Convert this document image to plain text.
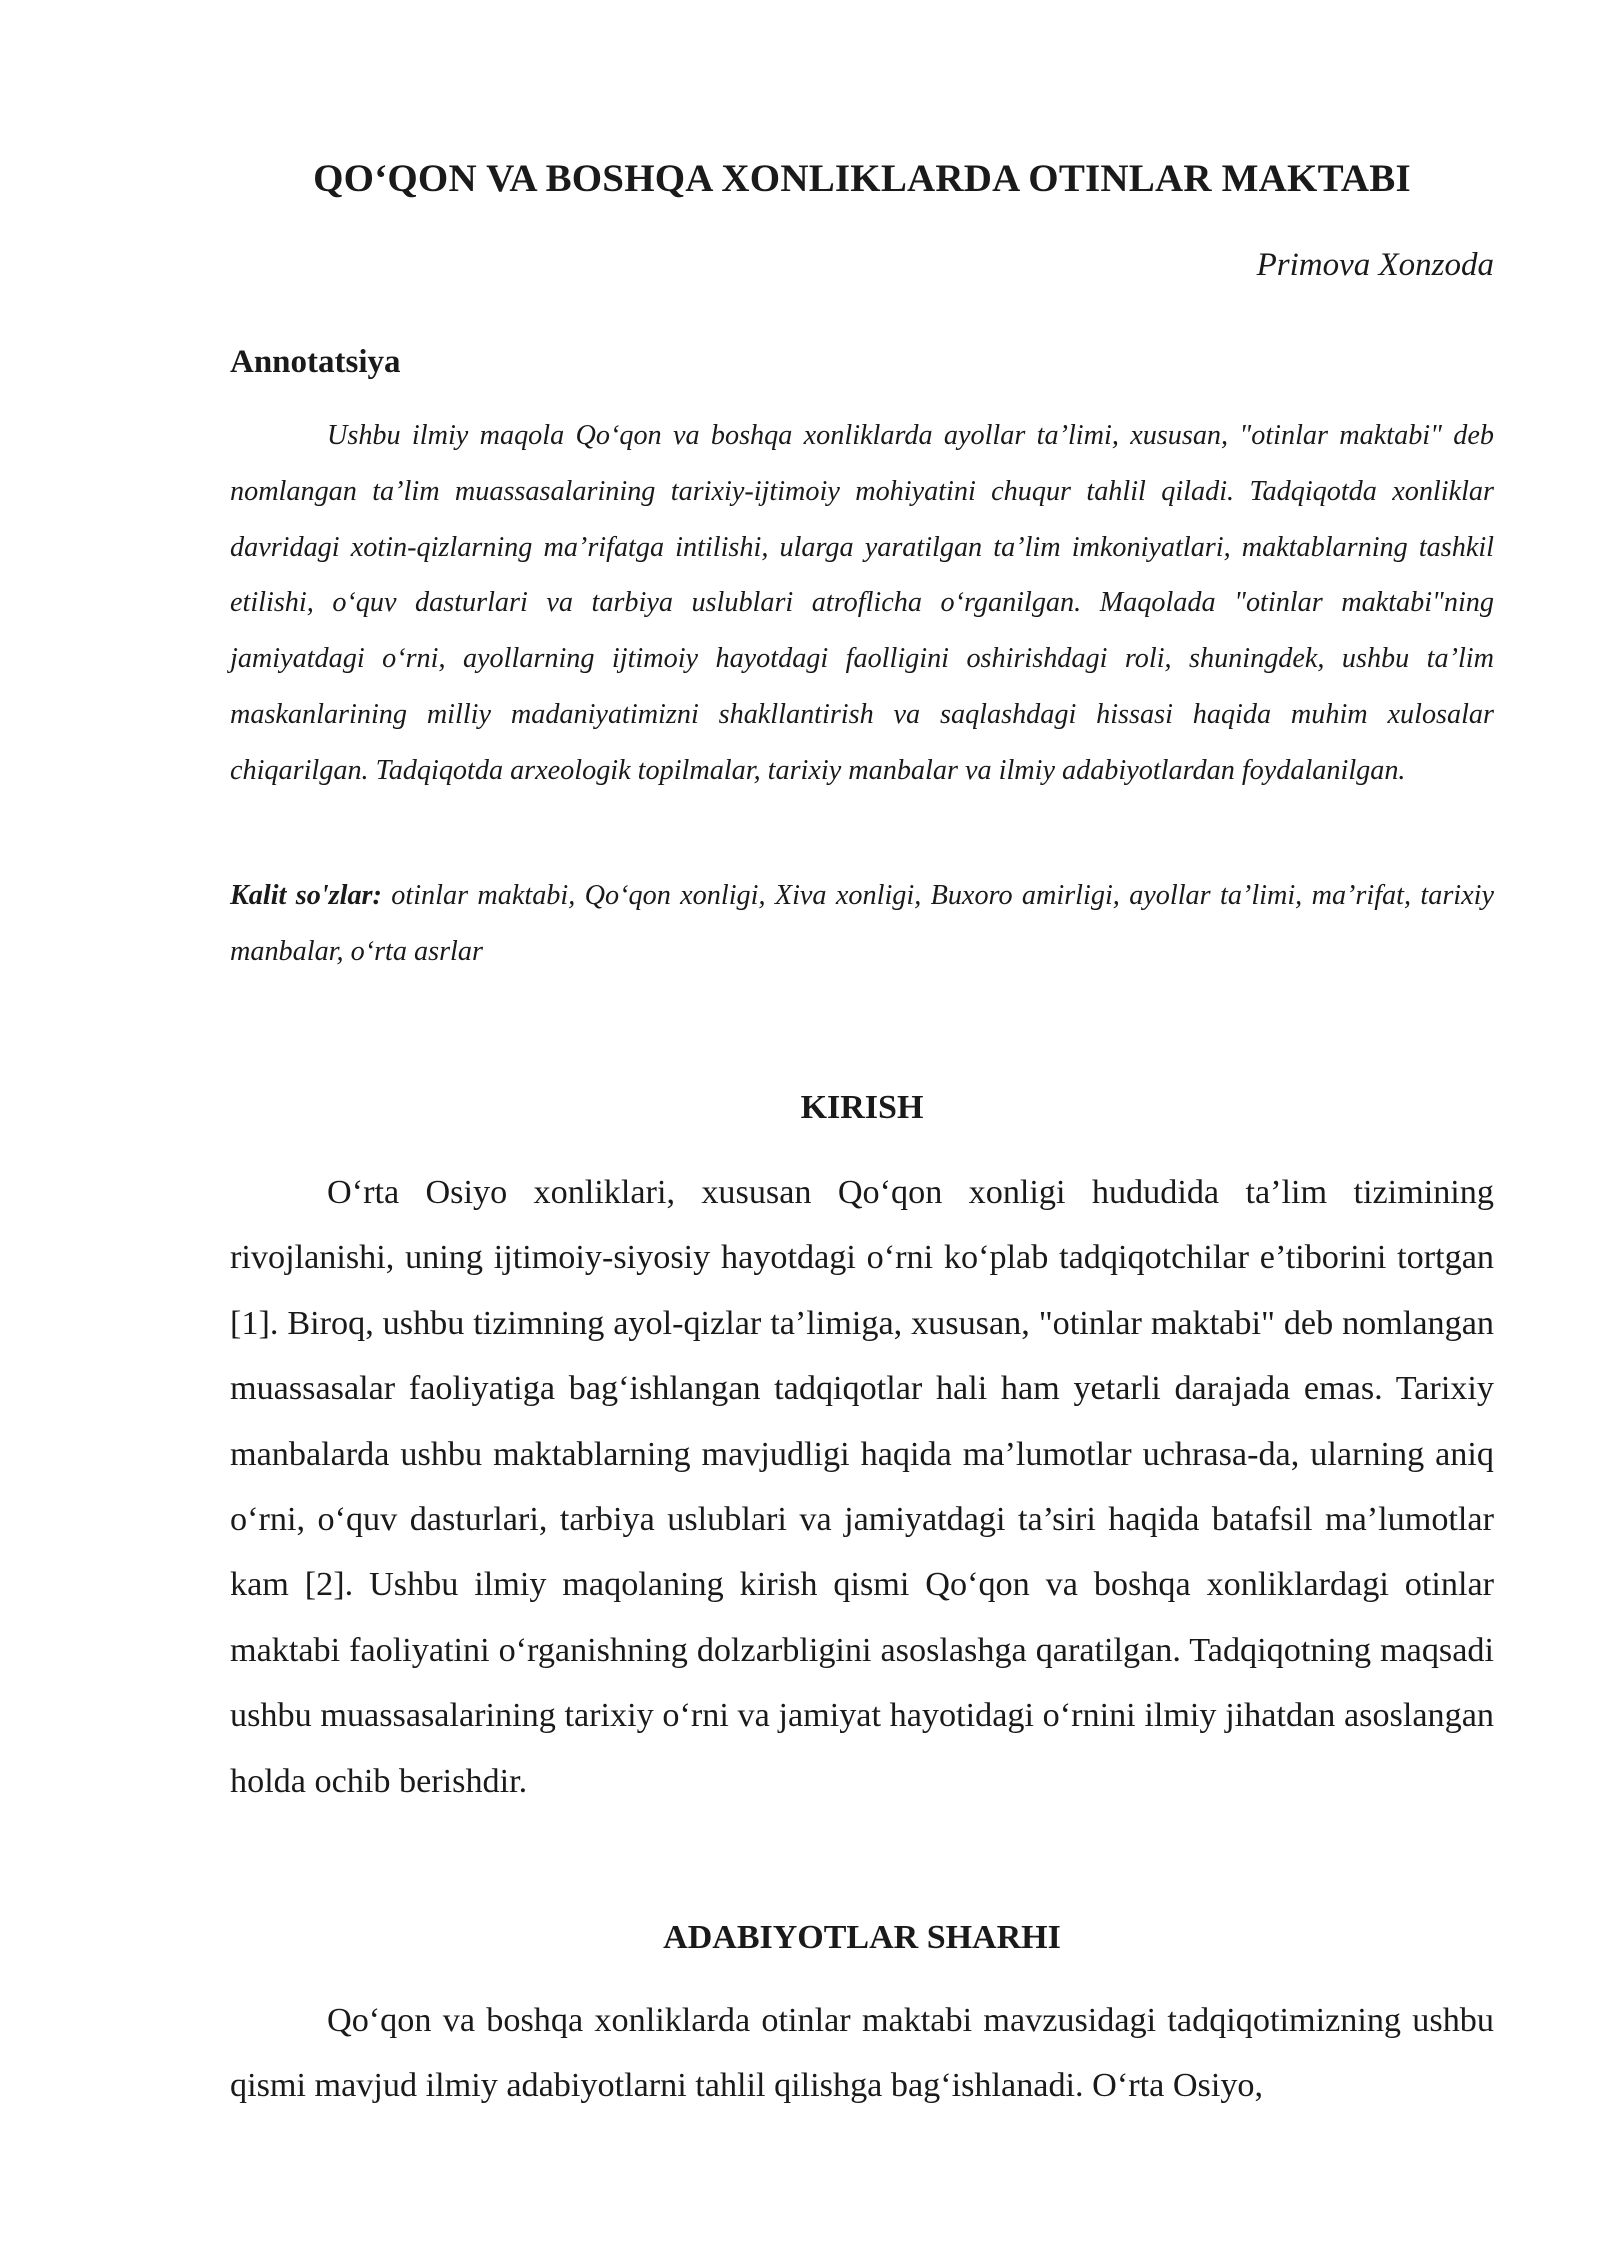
QO‘QON VA BOSHQA XONLIKLARDA OTINLAR MAKTABI

Primova Xonzoda

Annotatsiya

Ushbu ilmiy maqola Qo‘qon va boshqa xonliklarda ayollar ta’limi, xususan, "otinlar maktabi" deb nomlangan ta’lim muassasalarining tarixiy-ijtimoiy mohiyatini chuqur tahlil qiladi. Tadqiqotda xonliklar davridagi xotin-qizlarning ma’rifatga intilishi, ularga yaratilgan ta’lim imkoniyatlari, maktablarning tashkil etilishi, o‘quv dasturlari va tarbiya uslublari atroflicha o‘rganilgan. Maqolada "otinlar maktabi"ning jamiyatdagi o‘rni, ayollarning ijtimoiy hayotdagi faolligini oshirishdagi roli, shuningdek, ushbu ta’lim maskanlarining milliy madaniyatimizni shakllantirish va saqlashdagi hissasi haqida muhim xulosalar chiqarilgan. Tadqiqotda arxeologik topilmalar, tarixiy manbalar va ilmiy adabiyotlardan foydalanilgan.

Kalit so'zlar: otinlar maktabi, Qo‘qon xonligi, Xiva xonligi, Buxoro amirligi, ayollar ta’limi, ma’rifat, tarixiy manbalar, o‘rta asrlar

KIRISH

O‘rta Osiyo xonliklari, xususan Qo‘qon xonligi hududida ta’lim tizimining rivojlanishi, uning ijtimoiy-siyosiy hayotdagi o‘rni ko‘plab tadqiqotchilar e’tiborini tortgan [1]. Biroq, ushbu tizimning ayol-qizlar ta’limiga, xususan, "otinlar maktabi" deb nomlangan muassasalar faoliyatiga bag‘ishlangan tadqiqotlar hali ham yetarli darajada emas. Tarixiy manbalarda ushbu maktablarning mavjudligi haqida ma’lumotlar uchrasa-da, ularning aniq o‘rni, o‘quv dasturlari, tarbiya uslublari va jamiyatdagi ta’siri haqida batafsil ma’lumotlar kam [2]. Ushbu ilmiy maqolaning kirish qismi Qo‘qon va boshqa xonliklardagi otinlar maktabi faoliyatini o‘rganishning dolzarbligini asoslashga qaratilgan. Tadqiqotning maqsadi ushbu muassasalarining tarixiy o‘rni va jamiyat hayotidagi o‘rnini ilmiy jihatdan asoslangan holda ochib berishdir.

ADABIYOTLAR SHARHI

Qo‘qon va boshqa xonliklarda otinlar maktabi mavzusidagi tadqiqotimizning ushbu qismi mavjud ilmiy adabiyotlarni tahlil qilishga bag‘ishlanadi. O‘rta Osiyo,
